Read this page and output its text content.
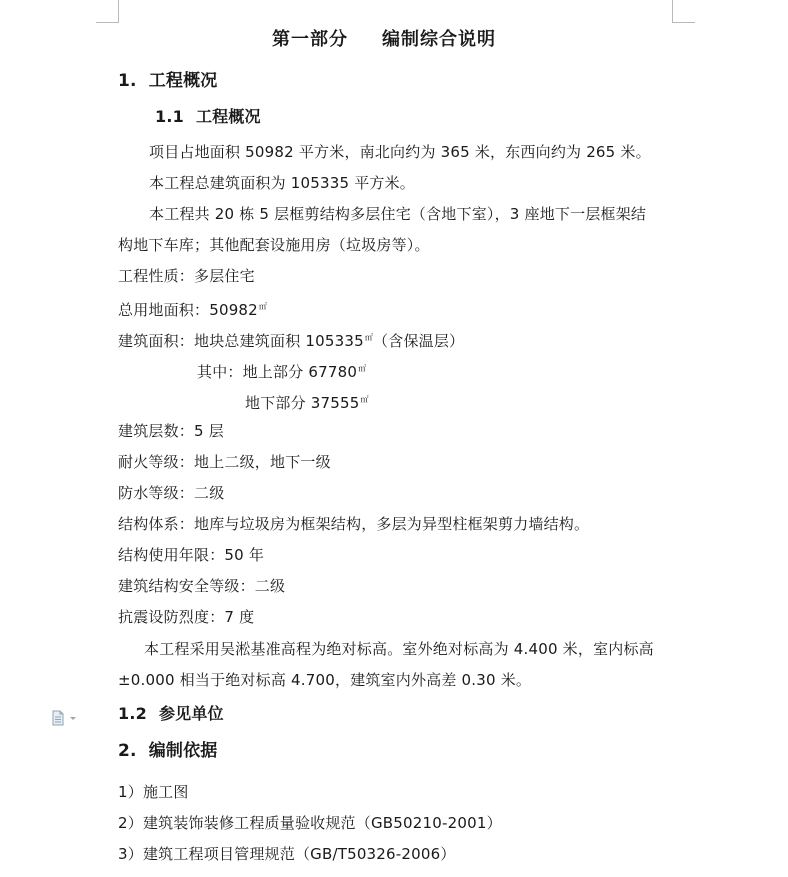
第一部分 编制综合说明
1. 工程概况
1.1 工程概况
项目占地面积 50982 平方米，南北向约为 365 米，东西向约为 265 米。
本工程总建筑面积为 105335 平方米。
本工程共 20 栋 5 层框剪结构多层住宅（含地下室），3 座地下一层框架结
构地下车库；其他配套设施用房（垃圾房等）。
工程性质：多层住宅
总用地面积：50982㎡
建筑面积：地块总建筑面积 105335㎡（含保温层）
其中：地上部分 67780㎡
地下部分 37555㎡
建筑层数：5 层
耐火等级：地上二级，地下一级
防水等级：二级
结构体系：地库与垃圾房为框架结构，多层为异型柱框架剪力墙结构。
结构使用年限：50 年
建筑结构安全等级：二级
抗震设防烈度：7 度
本工程采用吴淞基准高程为绝对标高。室外绝对标高为 4.400 米，室内标高
±0.000 相当于绝对标高 4.700，建筑室内外高差 0.30 米。
1.2 参见单位
2. 编制依据
1）施工图
2）建筑装饰装修工程质量验收规范（GB50210-2001）
3）建筑工程项目管理规范（GB/T50326-2006）
